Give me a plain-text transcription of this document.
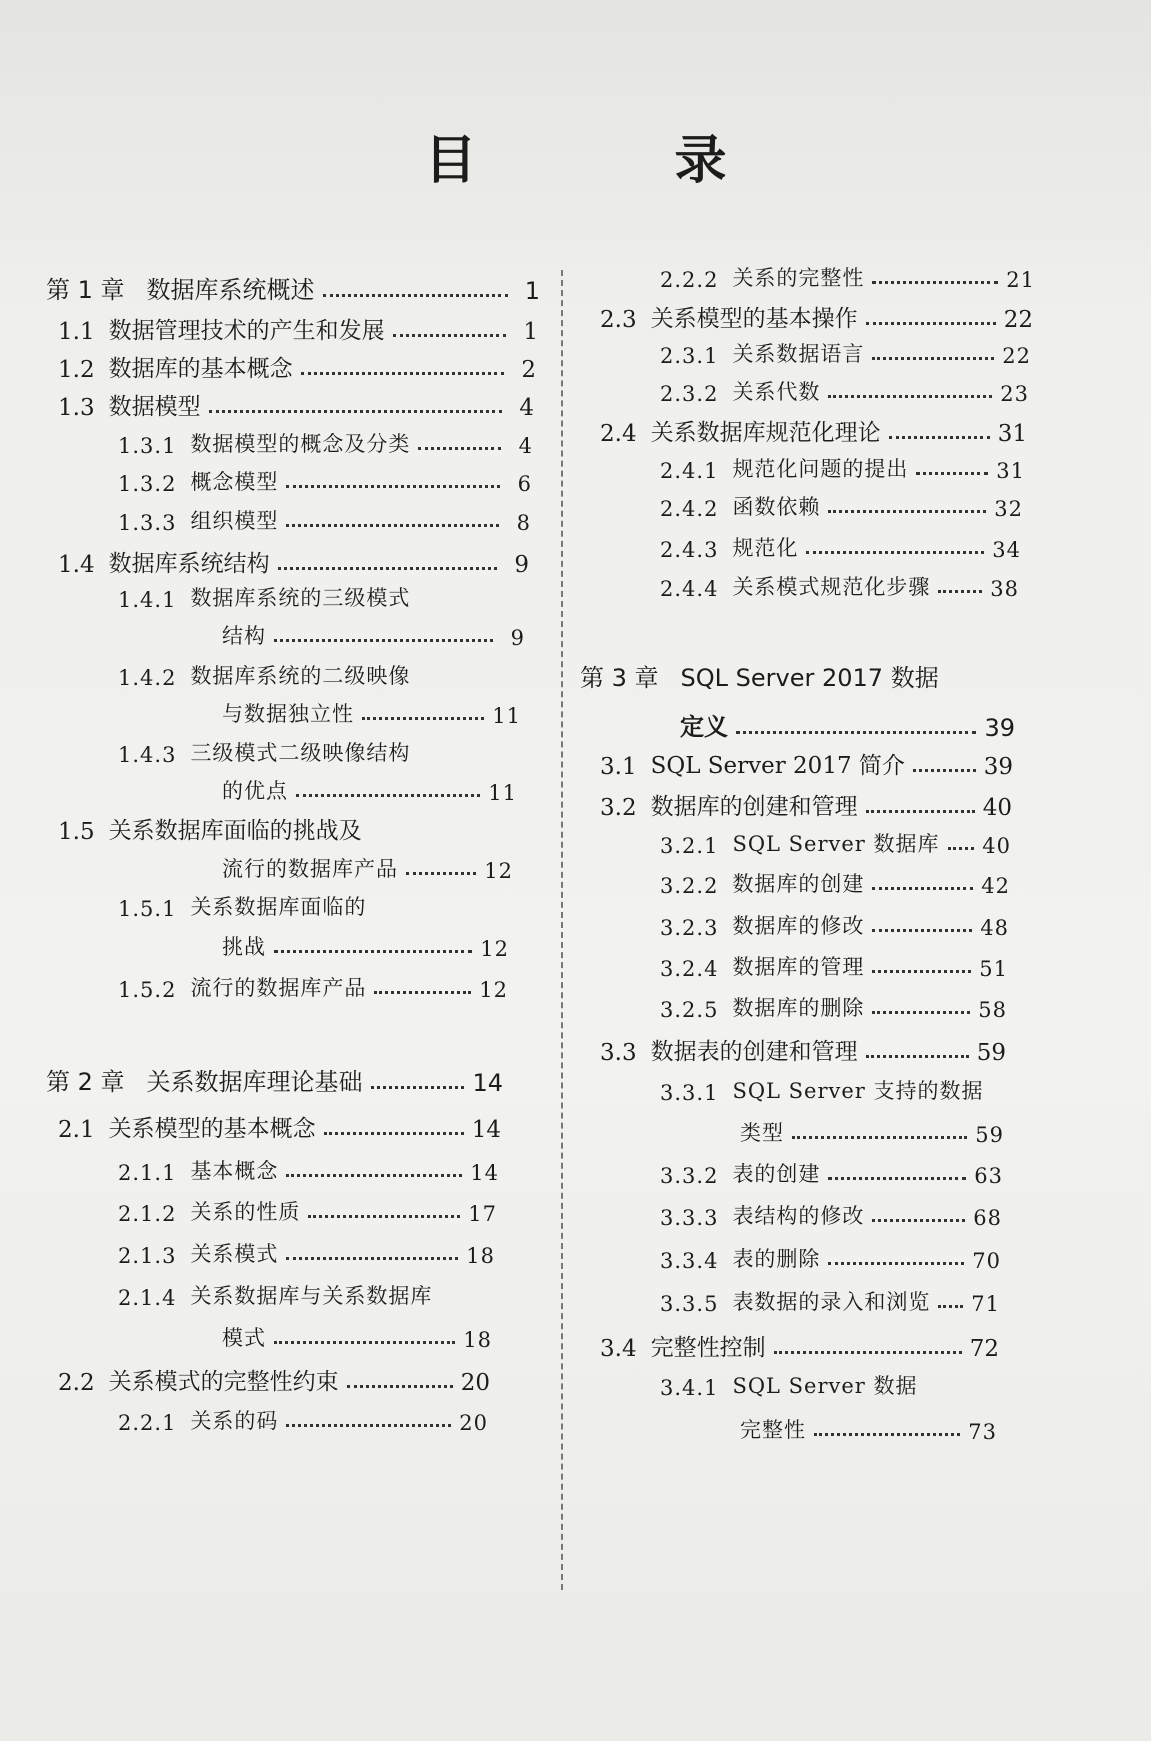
目 录
第 1 章 数据库系统概述	1
1.1 数据管理技术的产生和发展	1
1.2 数据库的基本概念	2
1.3 数据模型	4
1.3.1 数据模型的概念及分类	4
1.3.2 概念模型	6
1.3.3 组织模型	8
1.4 数据库系统结构	9
1.4.1 数据库系统的三级模式
结构	9
1.4.2 数据库系统的二级映像
与数据独立性	11
1.4.3 三级模式二级映像结构
的优点	11
1.5 关系数据库面临的挑战及
流行的数据库产品	12
1.5.1 关系数据库面临的
挑战	12
1.5.2 流行的数据库产品	12
第 2 章 关系数据库理论基础	14
2.1 关系模型的基本概念	14
2.1.1 基本概念	14
2.1.2 关系的性质	17
2.1.3 关系模式	18
2.1.4 关系数据库与关系数据库
模式	18
2.2 关系模式的完整性约束	20
2.2.1 关系的码	20
2.2.2 关系的完整性	21
2.3 关系模型的基本操作	22
2.3.1 关系数据语言	22
2.3.2 关系代数	23
2.4 关系数据库规范化理论	31
2.4.1 规范化问题的提出	31
2.4.2 函数依赖	32
2.4.3 规范化	34
2.4.4 关系模式规范化步骤	38
第 3 章 SQL Server 2017 数据
定义	39
3.1 SQL Server 2017 简介	39
3.2 数据库的创建和管理	40
3.2.1 SQL Server 数据库 40
3.2.2 数据库的创建	42
3.2.3 数据库的修改	48
3.2.4 数据库的管理	51
3.2.5 数据库的删除	58
3.3 数据表的创建和管理	59
3.3.1 SQL Server 支持的数据
类型	59
3.3.2 表的创建	63
3.3.3 表结构的修改	68
3.3.4 表的删除	70
3.3.5 表数据的录入和浏览 71
3.4 完整性控制	72
3.4.1 SQL Server 数据
完整性	73
